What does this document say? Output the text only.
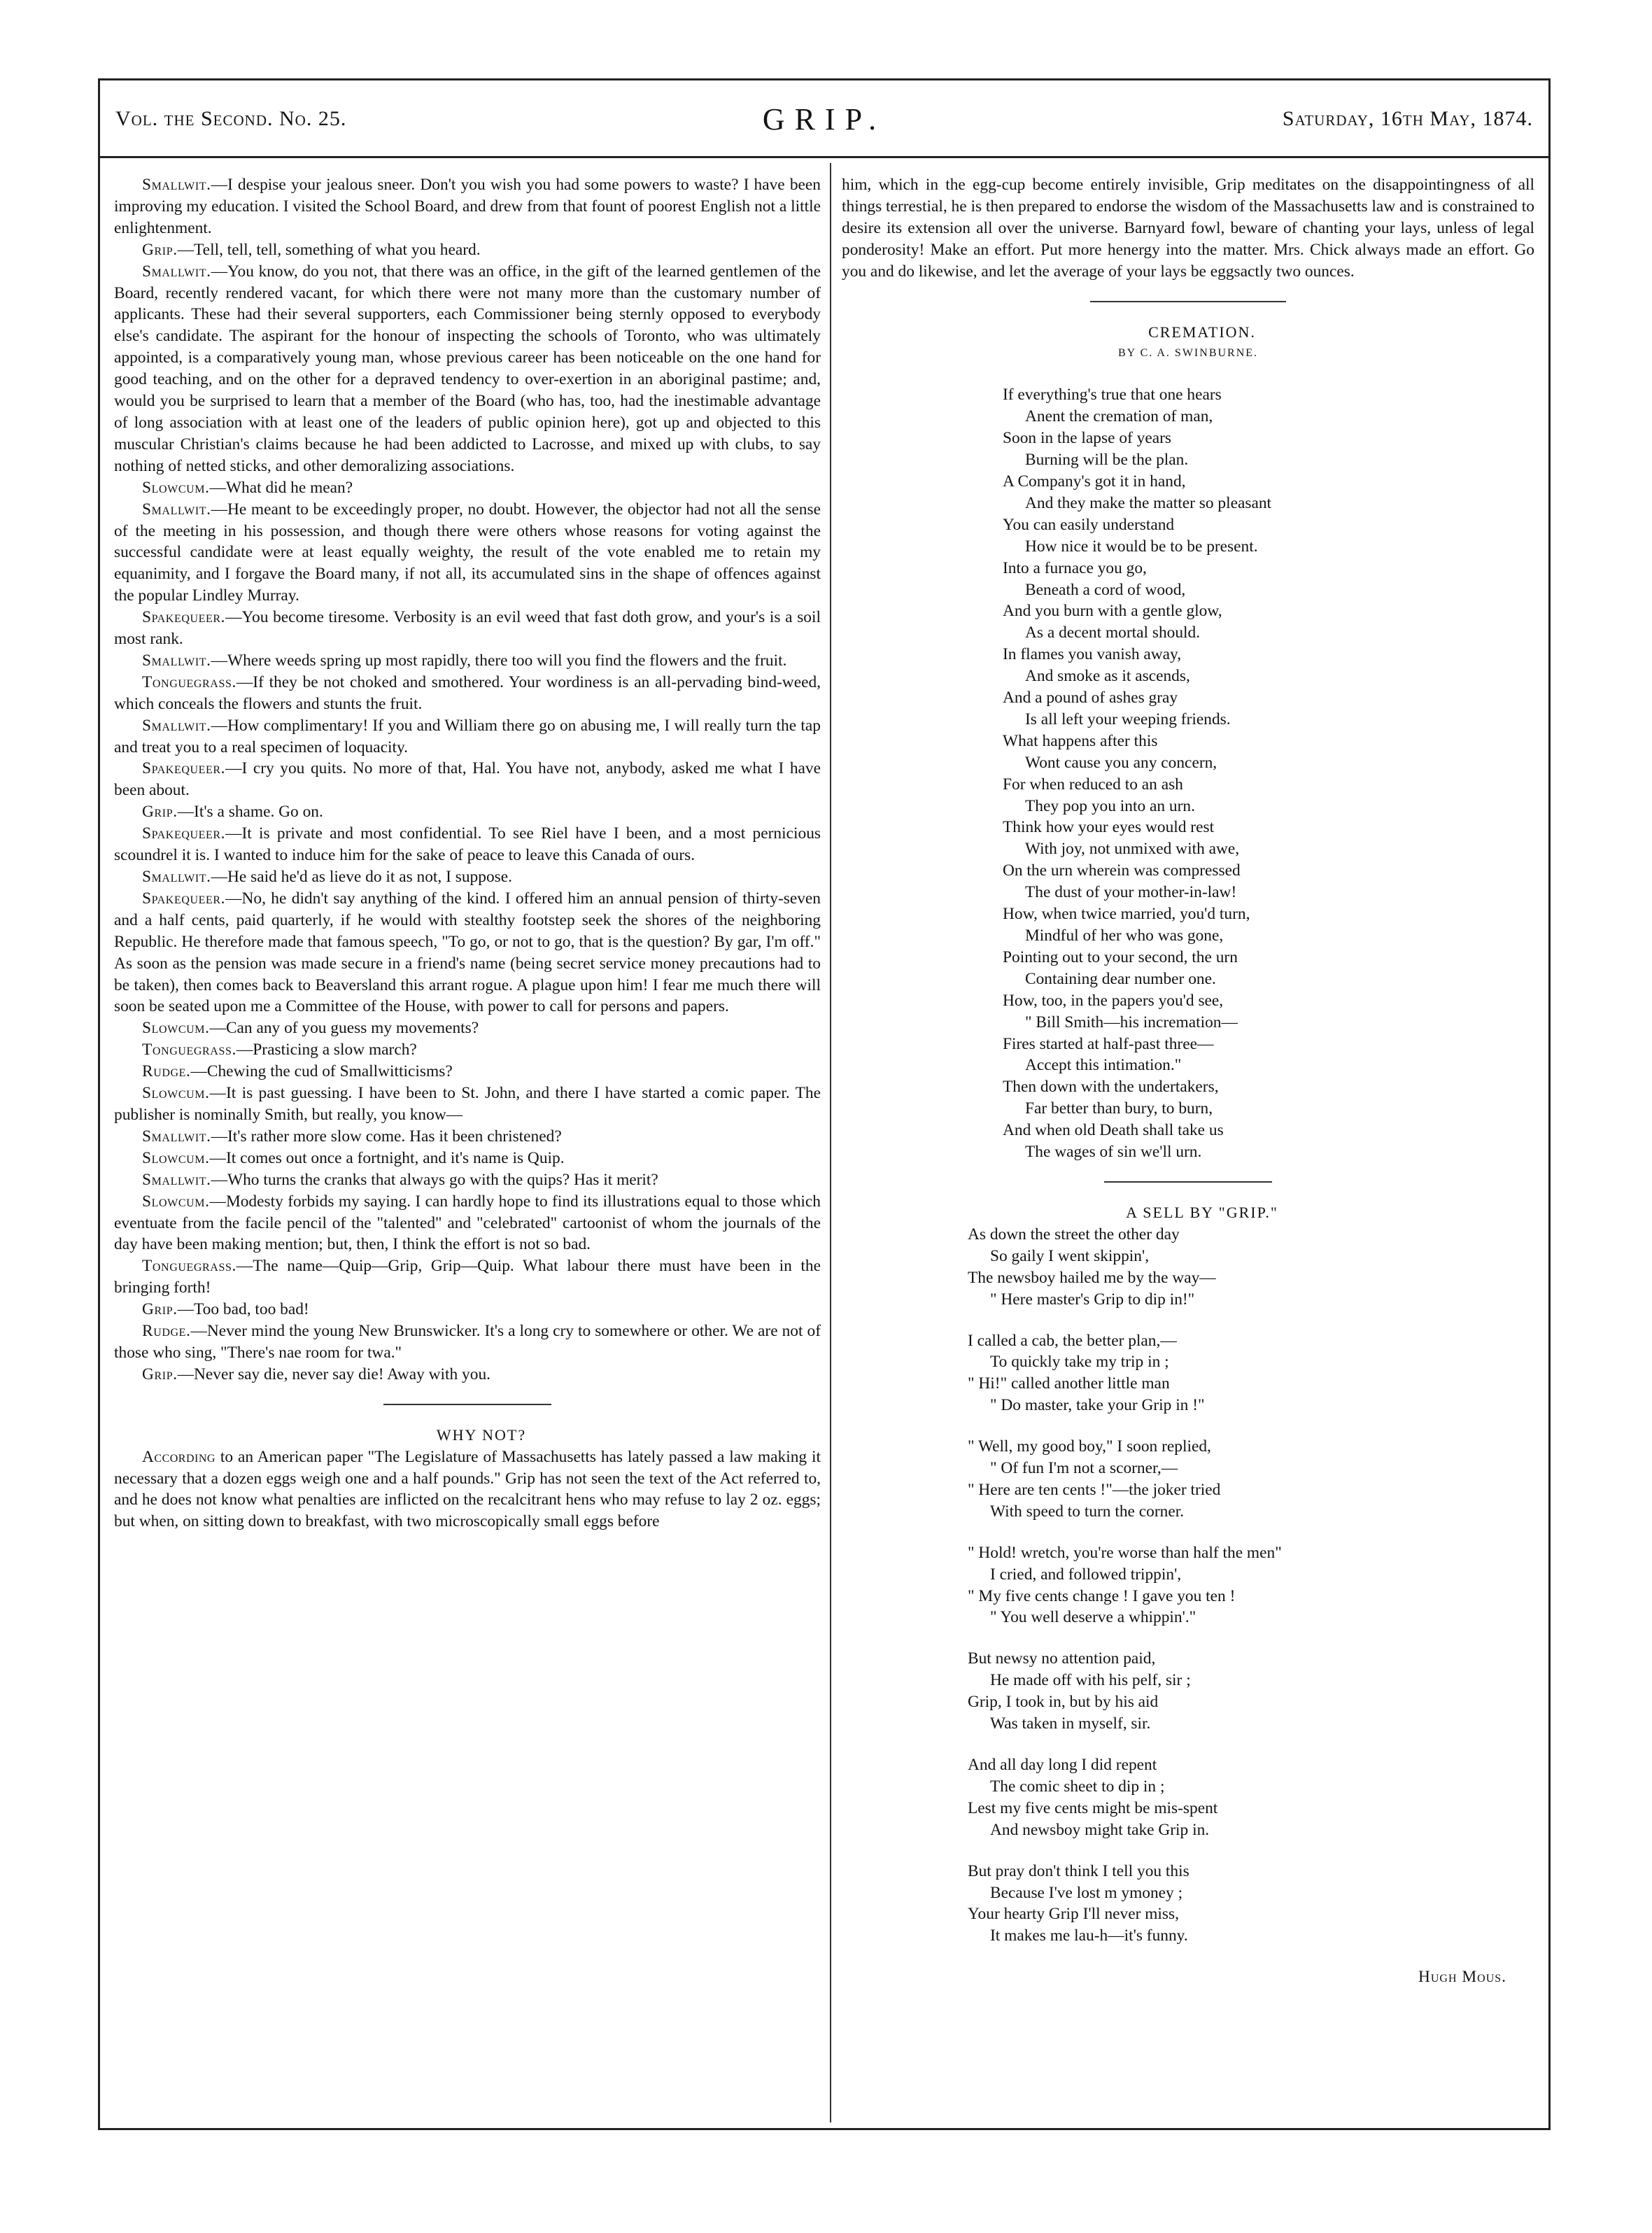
Vol. the Second. No. 25.	GRIP.	Saturday, 16th May, 1874.

Smallwit.—I despise your jealous sneer. Don't you wish you had some powers to waste? I have been improving my education. I visited the School Board, and drew from that fount of poorest English not a little enlightenment.

Grip.—Tell, tell, tell, something of what you heard.

Smallwit.—You know, do you not, that there was an office, in the gift of the learned gentlemen of the Board, recently rendered vacant, for which there were not many more than the customary number of applicants. These had their several supporters, each Commissioner being sternly opposed to everybody else's candidate. The aspirant for the honour of inspecting the schools of Toronto, who was ultimately appointed, is a comparatively young man, whose previous career has been noticeable on the one hand for good teaching, and on the other for a depraved tendency to over-exertion in an aboriginal pastime; and, would you be surprised to learn that a member of the Board (who has, too, had the inestimable advantage of long association with at least one of the leaders of public opinion here), got up and objected to this muscular Christian's claims because he had been addicted to Lacrosse, and mixed up with clubs, to say nothing of netted sticks, and other demoralizing associations.

Slowcum.—What did he mean?

Smallwit.—He meant to be exceedingly proper, no doubt. However, the objector had not all the sense of the meeting in his possession, and though there were others whose reasons for voting against the successful candidate were at least equally weighty, the result of the vote enabled me to retain my equanimity, and I forgave the Board many, if not all, its accumulated sins in the shape of offences against the popular Lindley Murray.

Spakequeer.—You become tiresome. Verbosity is an evil weed that fast doth grow, and your's is a soil most rank.

Smallwit.—Where weeds spring up most rapidly, there too will you find the flowers and the fruit.

Tonguegrass.—If they be not choked and smothered. Your wordiness is an all-pervading bind-weed, which conceals the flowers and stunts the fruit.

Smallwit.—How complimentary! If you and William there go on abusing me, I will really turn the tap and treat you to a real specimen of loquacity.

Spakequeer.—I cry you quits. No more of that, Hal. You have not, anybody, asked me what I have been about.

Grip.—It's a shame. Go on.

Spakequeer.—It is private and most confidential. To see Riel have I been, and a most pernicious scoundrel it is. I wanted to induce him for the sake of peace to leave this Canada of ours.

Smallwit.—He said he'd as lieve do it as not, I suppose.

Spakequeer.—No, he didn't say anything of the kind. I offered him an annual pension of thirty-seven and a half cents, paid quarterly, if he would with stealthy footstep seek the shores of the neighboring Republic. He therefore made that famous speech, "To go, or not to go, that is the question? By gar, I'm off." As soon as the pension was made secure in a friend's name (being secret service money precautions had to be taken), then comes back to Beaversland this arrant rogue. A plague upon him! I fear me much there will soon be seated upon me a Committee of the House, with power to call for persons and papers.

Slowcum.—Can any of you guess my movements?

Tonguegrass.—Prasticing a slow march?

Rudge.—Chewing the cud of Smallwitticisms?

Slowcum.—It is past guessing. I have been to St. John, and there I have started a comic paper. The publisher is nominally Smith, but really, you know—

Smallwit.—It's rather more slow come. Has it been christened?

Slowcum.—It comes out once a fortnight, and it's name is Quip.

Smallwit.—Who turns the cranks that always go with the quips? Has it merit?

Slowcum.—Modesty forbids my saying. I can hardly hope to find its illustrations equal to those which eventuate from the facile pencil of the "talented" and "celebrated" cartoonist of whom the journals of the day have been making mention; but, then, I think the effort is not so bad.

Tonguegrass.—The name—Quip—Grip, Grip—Quip. What labour there must have been in the bringing forth!

Grip.—Too bad, too bad!

Rudge.—Never mind the young New Brunswicker. It's a long cry to somewhere or other. We are not of those who sing, "There's nae room for twa."

Grip.—Never say die, never say die! Away with you.

WHY NOT?

According to an American paper "The Legislature of Massachusetts has lately passed a law making it necessary that a dozen eggs weigh one and a half pounds." Grip has not seen the text of the Act referred to, and he does not know what penalties are inflicted on the recalcitrant hens who may refuse to lay 2 oz. eggs; but when, on sitting down to breakfast, with two microscopically small eggs before

him, which in the egg-cup become entirely invisible, Grip meditates on the disappointingness of all things terrestial, he is then prepared to endorse the wisdom of the Massachusetts law and is constrained to desire its extension all over the universe. Barnyard fowl, beware of chanting your lays, unless of legal ponderosity! Make an effort. Put more henergy into the matter. Mrs. Chick always made an effort. Go you and do likewise, and let the average of your lays be eggsactly two ounces.

CREMATION.

BY C. A. SWINBURNE.
If everything's true that one hears
Anent the cremation of man,
Soon in the lapse of years
Burning will be the plan.
A Company's got it in hand,
And they make the matter so pleasant
You can easily understand
How nice it would be to be present.
Into a furnace you go,
Beneath a cord of wood,
And you burn with a gentle glow,
As a decent mortal should.
In flames you vanish away,
And smoke as it ascends,
And a pound of ashes gray
Is all left your weeping friends.
What happens after this
Wont cause you any concern,
For when reduced to an ash
They pop you into an urn.
Think how your eyes would rest
With joy, not unmixed with awe,
On the urn wherein was compressed
The dust of your mother-in-law!
How, when twice married, you'd turn,
Mindful of her who was gone,
Pointing out to your second, the urn
Containing dear number one.
How, too, in the papers you'd see,
" Bill Smith—his incremation—
Fires started at half-past three—
Accept this intimation."
Then down with the undertakers,
Far better than bury, to burn,
And when old Death shall take us
The wages of sin we'll urn.

A SELL BY "GRIP."

As down the street the other day
So gaily I went skippin',
The newsboy hailed me by the way—
" Here master's Grip to dip in!"
I called a cab, the better plan,—
To quickly take my trip in ;
" Hi!" called another little man
" Do master, take your Grip in !"
" Well, my good boy," I soon replied,
" Of fun I'm not a scorner,—
" Here are ten cents !"—the joker tried
With speed to turn the corner.
" Hold! wretch, you're worse than half the men"
I cried, and followed trippin',
" My five cents change ! I gave you ten !
" You well deserve a whippin'."
But newsy no attention paid,
He made off with his pelf, sir ;
Grip, I took in, but by his aid
Was taken in myself, sir.
And all day long I did repent
The comic sheet to dip in ;
Lest my five cents might be mis-spent
And newsboy might take Grip in.
But pray don't think I tell you this
Because I've lost m ymoney ;
Your hearty Grip I'll never miss,
It makes me lau-h—it's funny.
Hugh Mous.
